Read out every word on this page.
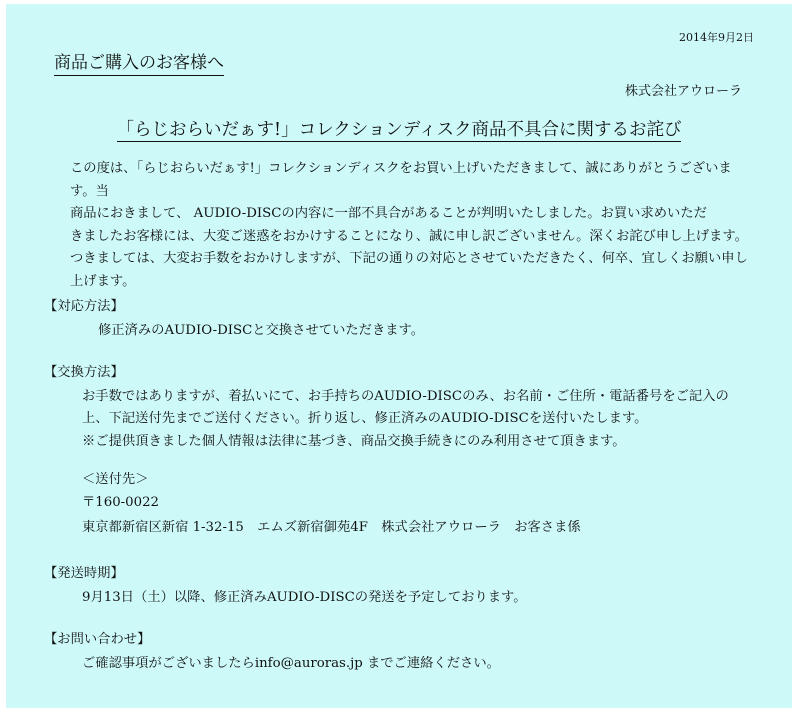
2014年9月2日
商品ご購入のお客様へ
株式会社アウローラ
「らじおらいだぁす!」コレクションディスク商品不具合に関するお詫び
この度は、「らじおらいだぁす!」コレクションディスクをお買い上げいただきまして、誠にありがとうございます。当
商品におきまして、 AUDIO-DISCの内容に一部不具合があることが判明いたしました。お買い求めいただ
きましたお客様には、大変ご迷惑をおかけすることになり、誠に申し訳ございません。深くお詫び申し上げます。
つきましては、大変お手数をおかけしますが、下記の通りの対応とさせていただきたく、何卒、宜しくお願い申し
上げます。
【対応方法】
修正済みのAUDIO-DISCと交換させていただきます。
【交換方法】
お手数ではありますが、着払いにて、お手持ちのAUDIO-DISCのみ、お名前・ご住所・電話番号をご記入の
上、下記送付先までご送付ください。折り返し、修正済みのAUDIO-DISCを送付いたします。
※ご提供頂きました個人情報は法律に基づき、商品交換手続きにのみ利用させて頂きます。
＜送付先＞
〒160-0022
東京都新宿区新宿 1-32-15　エムズ新宿御苑4F　株式会社アウローラ　お客さま係
【発送時期】
9月13日（土）以降、修正済みAUDIO-DISCの発送を予定しております。
【お問い合わせ】
ご確認事項がございましたらinfo@auroras.jp までご連絡ください。
